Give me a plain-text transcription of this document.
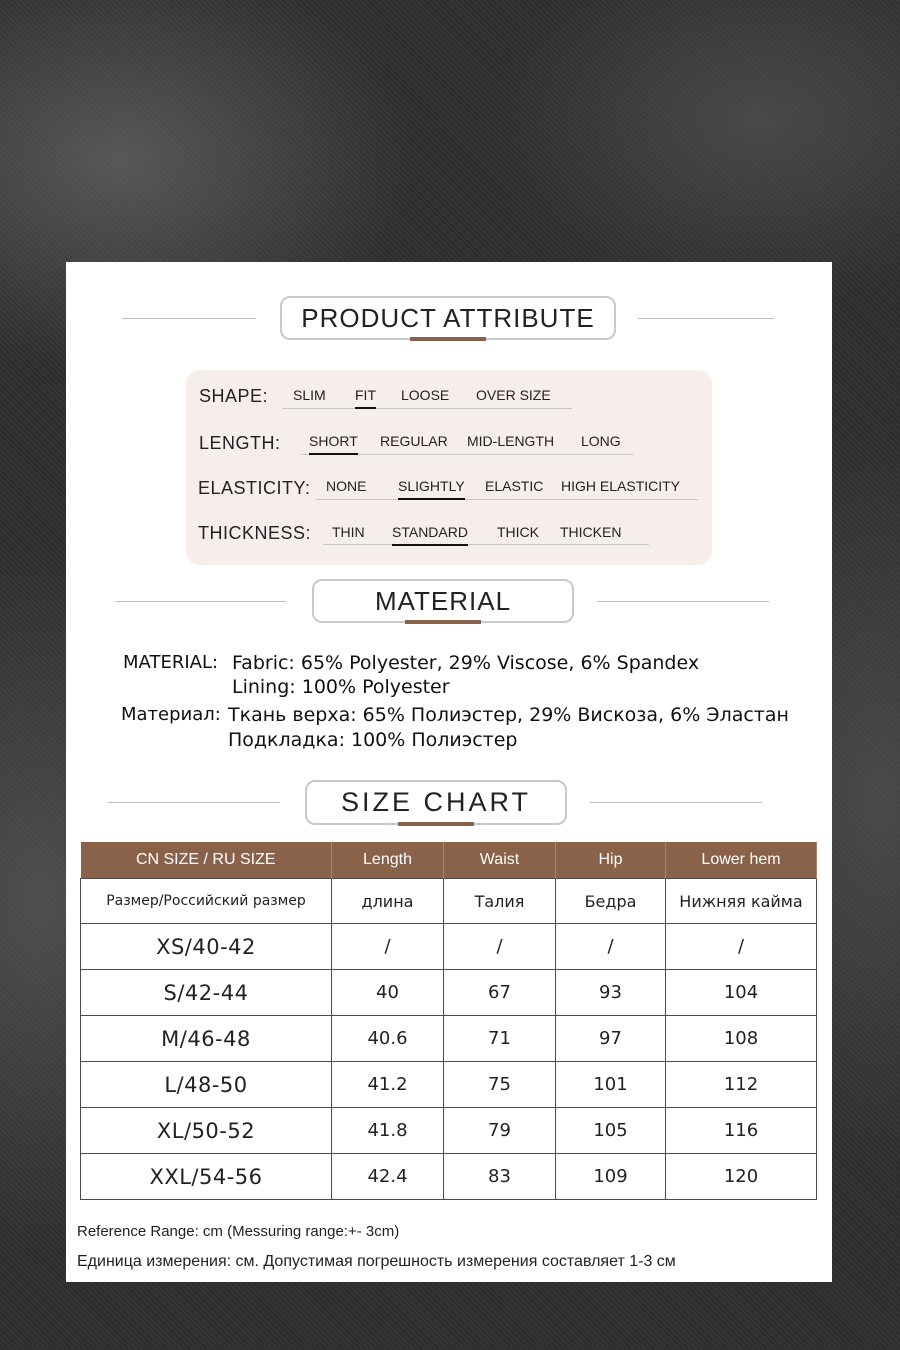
PRODUCT ATTRIBUTE
SHAPE: SLIM FIT LOOSE OVER SIZE
LENGTH: SHORT REGULAR MID-LENGTH LONG
ELASTICITY: NONE SLIGHTLY ELASTIC HIGH ELASTICITY
THICKNESS: THIN STANDARD THICK THICKEN
MATERIAL
MATERIAL: Fabric: 65% Polyester, 29% Viscose, 6% Spandex
Lining: 100% Polyester
Материал: Ткань верха: 65% Полиэстер, 29% Вискоза, 6% Эластан
Подкладка: 100% Полиэстер
SIZE CHART
CN SIZE / RU SIZE	Length	Waist	Hip	Lower hem
Размер/Российский размер	длина	Талия	Бедра	Нижняя кайма
XS/40-42	/	/	/	/
S/42-44	40	67	93	104
M/46-48	40.6	71	97	108
L/48-50	41.2	75	101	112
XL/50-52	41.8	79	105	116
XXL/54-56	42.4	83	109	120
Reference Range: cm (Messuring range:+- 3cm)
Единица измерения: см. Допустимая погрешность измерения составляет 1-3 см
